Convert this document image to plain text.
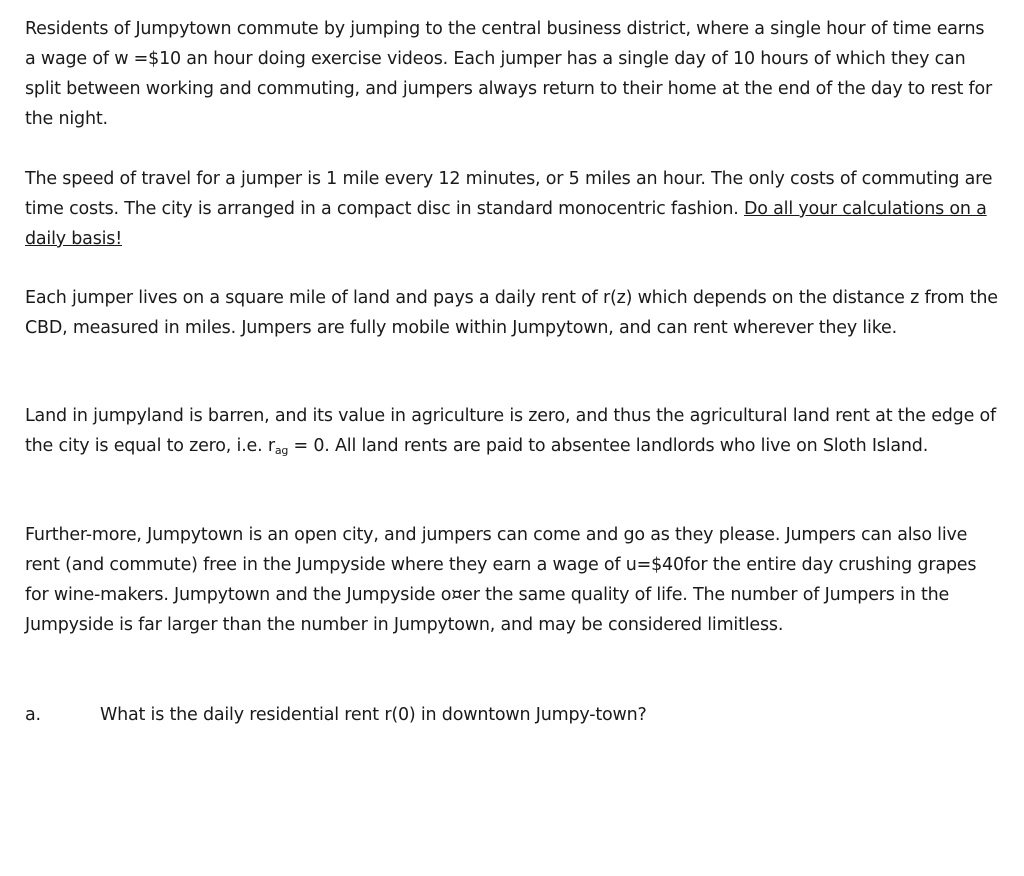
Residents of Jumpytown commute by jumping to the central business district, where a single hour of time earns a wage of w =$10 an hour doing exercise videos. Each jumper has a single day of 10 hours of which they can split between working and commuting, and jumpers always return to their home at the end of the day to rest for the night.

The speed of travel for a jumper is 1 mile every 12 minutes, or 5 miles an hour. The only costs of commuting are time costs. The city is arranged in a compact disc in standard monocentric fashion. Do all your calculations on a daily basis!

Each jumper lives on a square mile of land and pays a daily rent of r(z) which depends on the distance z from the CBD, measured in miles. Jumpers are fully mobile within Jumpytown, and can rent wherever they like.

Land in jumpyland is barren, and its value in agriculture is zero, and thus the agricultural land rent at the edge of the city is equal to zero, i.e. $r_{ag} = 0$. All land rents are paid to absentee landlords who live on Sloth Island.

Further-more, Jumpytown is an open city, and jumpers can come and go as they please. Jumpers can also live rent (and commute) free in the Jumpyside where they earn a wage of u=$40for the entire day crushing grapes for wine-makers. Jumpytown and the Jumpyside o¤er the same quality of life. The number of Jumpers in the Jumpyside is far larger than the number in Jumpytown, and may be considered limitless.

a.	What is the daily residential rent r(0) in downtown Jumpy-town?
